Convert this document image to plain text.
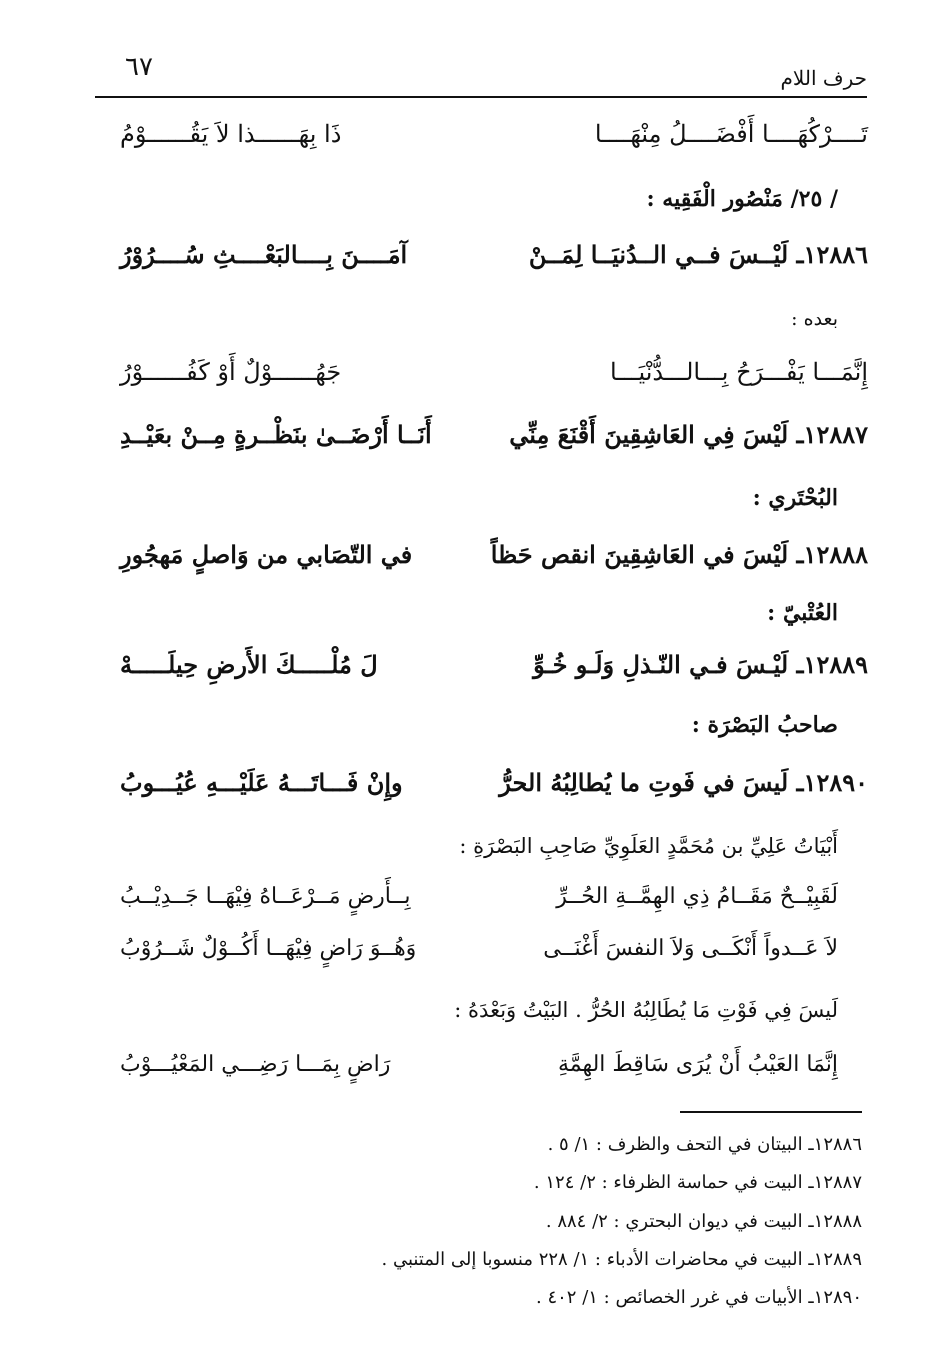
٦٧	حرف اللام
تَــــرْكُهَــــا أَفْضَــــلُ مِنْهَــــا
ذَا بِهَــــــذا لاَ يَقُــــــوْمُ
/ ٢٥/ مَنْصُور الْفَقِيه :
١٢٨٨٦ـ لَيْــسَ فــي الــدُنيَــا لِمَــنْ
آمَــــنَ بِــــالبَعْــــثِ سُــــرُوْرُ
بعده :
إِنَّمَـــا يَفْـــرَحُ بِـــالـــدُّنْيَـــا
جَهُــــــوْلٌ أَوْ كَفُــــــوْرُ
١٢٨٨٧ـ لَيْسَ فِي العَاشِقِينَ أَقْنَعَ مِنِّي
أَنَــا أَرْضَــىٰ بنَظْــرةٍ مِــنْ بعَيْــدِ
البُحْتَري :
١٢٨٨٨ـ لَيْسَ في العَاشِقِينَ انقص حَظاً
في التّصَابي من وَاصلٍ مَهجُورِ
العُتْبيّ :
١٢٨٨٩ـ لَيْـسَ فـي النّـذلِ وَلَـو خُـوِّ
لَ مُلْـــــكَ الأَرضِ حِيلَـــــهْ
صاحبُ البَصْرَة :
١٢٨٩٠ـ لَيسَ في فَوتِ ما يُطالِبُهُ الحرُّ
وإِنْ فَـــاتَـــهُ عَلَيْـــهِ عُيُـــوبُ
أَبْيَاتُ عَلِيِّ بن مُحَمَّدٍ العَلَوِيِّ صَاحِبِ البَصْرَةِ :
لَقَبِيْــحٌ مَقَــامُ ذِي الهِمَّــةِ الحُــرِّ
بِــأَرضٍ مَــرْعَــاهُ فِيْهَــا جَــدِيْــبُ
لاَ عَــدواً أَنْكَــى وَلاَ النفسَ أَغْنَــى
وَهُــوَ رَاضٍ فِيْهَــا أَكُــوْلٌ شَــرُوْبُ
لَيسَ فِي فَوْتِ مَا يُطَالِبُهُ الحُرُّ . البَيْتُ وَبَعْدَهُ :
إِنَّمَا العَيْبُ أَنْ يُرَى سَاقِطَ الهِمَّةِ
رَاضٍ بِمَـــا رَضِـــي المَعْيُـــوْبُ
١٢٨٨٦ـ البيتان في التحف والظرف : ١/ ٥ .
١٢٨٨٧ـ البيت في حماسة الظرفاء : ٢/ ١٢٤ .
١٢٨٨٨ـ البيت في ديوان البحتري : ٢/ ٨٨٤ .
١٢٨٨٩ـ البيت في محاضرات الأدباء : ١/ ٢٢٨ منسوبا إلى المتنبي .
١٢٨٩٠ـ الأبيات في غرر الخصائص : ١/ ٤٠٢ .
